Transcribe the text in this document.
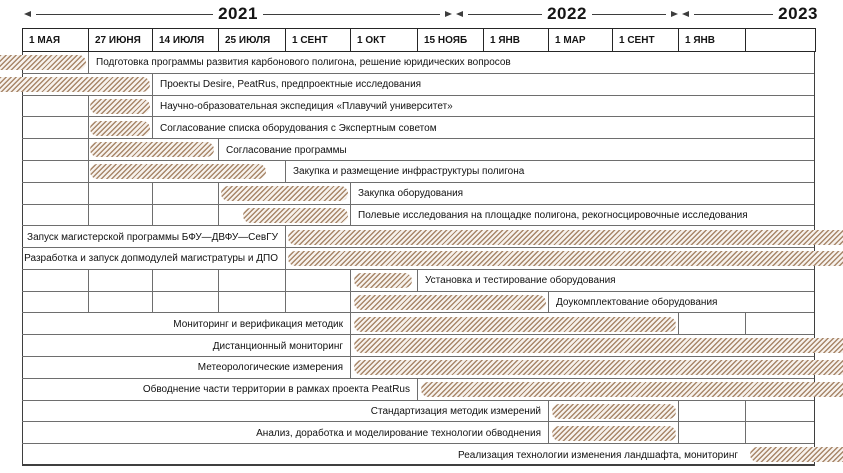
2021	2022	2023
1 МАЯ	27 ИЮНЯ	14 ИЮЛЯ	25 ИЮЛЯ	1 СЕНТ	1 ОКТ	15 НОЯБ	1 ЯНВ	1 МАР	1 СЕНТ	1 ЯНВ
Подготовка программы развития карбонового полигона, решение юридических вопросов
Проекты Desire, PeatRus, предпроектные исследования
Научно-образовательная экспедиция «Плавучий университет»
Согласование списка оборудования с Экспертным советом
Согласование программы
Закупка и размещение инфраструктуры полигона
Закупка оборудования
Полевые исследования на площадке полигона, рекогносцировочные исследования
Запуск магистерской программы БФУ—ДВФУ—СевГУ
Разработка и запуск допмодулей магистратуры и ДПО
Установка и тестирование оборудования
Доукомплектование оборудования
Мониторинг и верификация методик
Дистанционный мониторинг
Метеорологические измерения
Обводнение части территории в рамках проекта PeatRus
Стандартизация методик измерений
Анализ, доработка и моделирование технологии обводнения
Реализация технологии изменения ландшафта, мониторинг
